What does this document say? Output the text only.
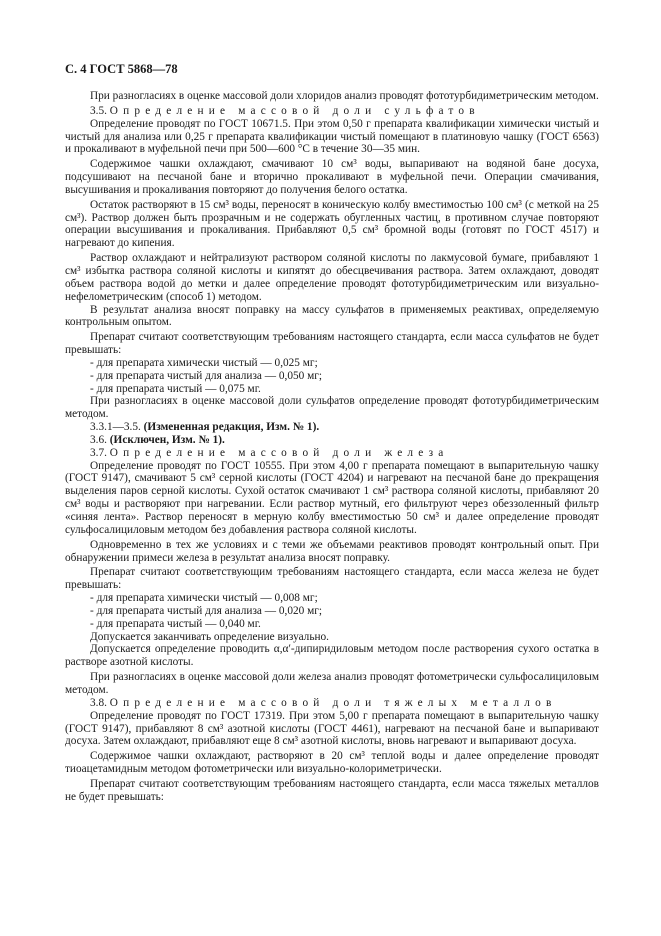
С. 4 ГОСТ 5868—78

При разногласиях в оценке массовой доли хлоридов анализ проводят фототурбидиметрическим методом.

3.5. Определение массовой доли сульфатов

Определение проводят по ГОСТ 10671.5. При этом 0,50 г препарата квалификации химически чистый и чистый для анализа или 0,25 г препарата квалификации чистый помещают в платиновую чашку (ГОСТ 6563) и прокаливают в муфельной печи при 500—600 °С в течение 30—35 мин.

Содержимое чашки охлаждают, смачивают 10 см³ воды, выпаривают на водяной бане досуха, подсушивают на песчаной бане и вторично прокаливают в муфельной печи. Операции смачивания, высушивания и прокаливания повторяют до получения белого остатка.

Остаток растворяют в 15 см³ воды, переносят в коническую колбу вместимостью 100 см³ (с меткой на 25 см³). Раствор должен быть прозрачным и не содержать обугленных частиц, в противном случае повторяют операции высушивания и прокаливания. Прибавляют 0,5 см³ бромной воды (готовят по ГОСТ 4517) и нагревают до кипения.

Раствор охлаждают и нейтрализуют раствором соляной кислоты по лакмусовой бумаге, прибавляют 1 см³ избытка раствора соляной кислоты и кипятят до обесцвечивания раствора. Затем охлаждают, доводят объем раствора водой до метки и далее определение проводят фототурбидиметрическим или визуально-нефелометрическим (способ 1) методом.

В результат анализа вносят поправку на массу сульфатов в применяемых реактивах, определяемую контрольным опытом.

Препарат считают соответствующим требованиям настоящего стандарта, если масса сульфатов не будет превышать:

- для препарата химически чистый — 0,025 мг;

- для препарата чистый для анализа — 0,050 мг;

- для препарата чистый — 0,075 мг.

При разногласиях в оценке массовой доли сульфатов определение проводят фототурбидиметрическим методом.

3.3.1—3.5. (Измененная редакция, Изм. № 1).

3.6. (Исключен, Изм. № 1).

3.7. Определение массовой доли железа

Определение проводят по ГОСТ 10555. При этом 4,00 г препарата помещают в выпарительную чашку (ГОСТ 9147), смачивают 5 см³ серной кислоты (ГОСТ 4204) и нагревают на песчаной бане до прекращения выделения паров серной кислоты. Сухой остаток смачивают 1 см³ раствора соляной кислоты, прибавляют 20 см³ воды и растворяют при нагревании. Если раствор мутный, его фильтруют через обеззоленный фильтр «синяя лента». Раствор переносят в мерную колбу вместимостью 50 см³ и далее определение проводят сульфосалициловым методом без добавления раствора соляной кислоты.

Одновременно в тех же условиях и с теми же объемами реактивов проводят контрольный опыт. При обнаружении примеси железа в результат анализа вносят поправку.

Препарат считают соответствующим требованиям настоящего стандарта, если масса железа не будет превышать:

- для препарата химически чистый — 0,008 мг;

- для препарата чистый для анализа — 0,020 мг;

- для препарата чистый — 0,040 мг.

Допускается заканчивать определение визуально.

Допускается определение проводить α,α′-дипиридиловым методом после растворения сухого остатка в растворе азотной кислоты.

При разногласиях в оценке массовой доли железа анализ проводят фотометрически сульфосалициловым методом.

3.8. Определение массовой доли тяжелых металлов

Определение проводят по ГОСТ 17319. При этом 5,00 г препарата помещают в выпарительную чашку (ГОСТ 9147), прибавляют 8 см³ азотной кислоты (ГОСТ 4461), нагревают на песчаной бане и выпаривают досуха. Затем охлаждают, прибавляют еще 8 см³ азотной кислоты, вновь нагревают и выпаривают досуха.

Содержимое чашки охлаждают, растворяют в 20 см³ теплой воды и далее определение проводят тиоацетамидным методом фотометрически или визуально-колориметрически.

Препарат считают соответствующим требованиям настоящего стандарта, если масса тяжелых металлов не будет превышать:
